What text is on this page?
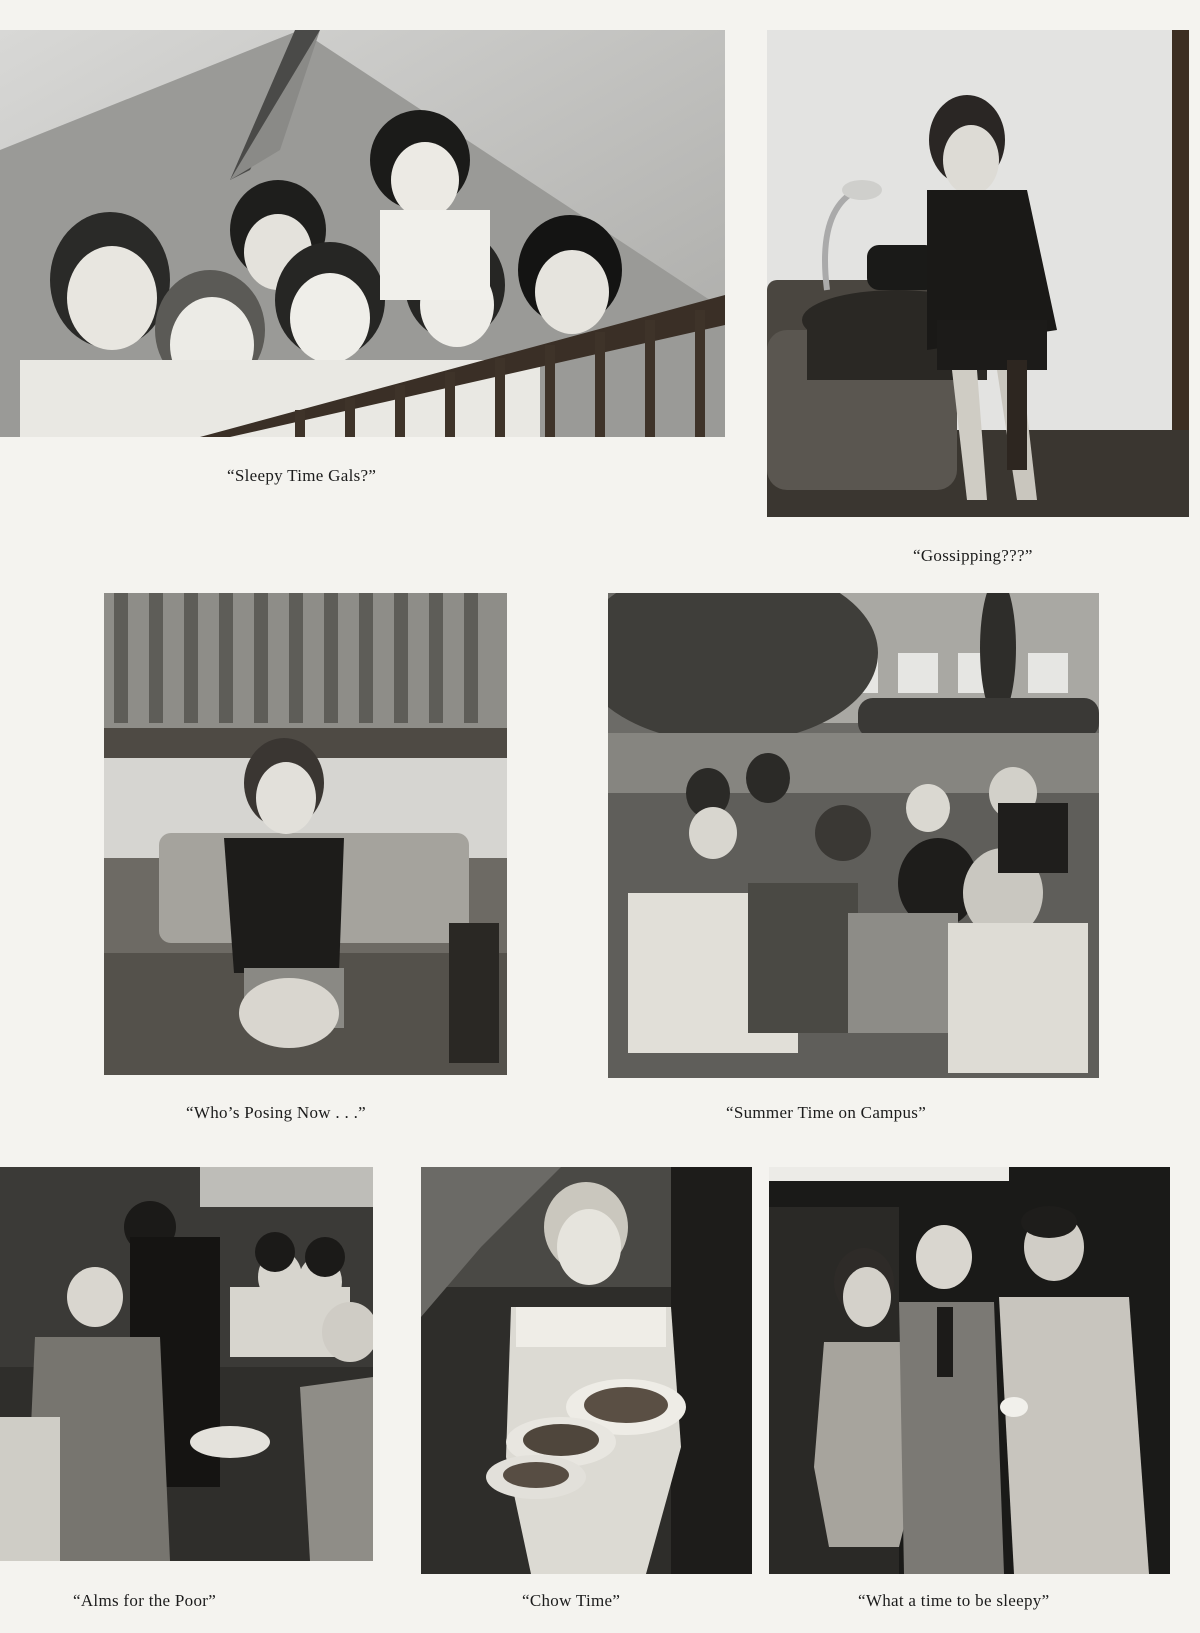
“Sleepy Time Gals?”
“Gossipping???”
“Who’s Posing Now . . .”	“Summer Time on Campus”
“Alms for the Poor”	“Chow Time”	“What a time to be sleepy”
